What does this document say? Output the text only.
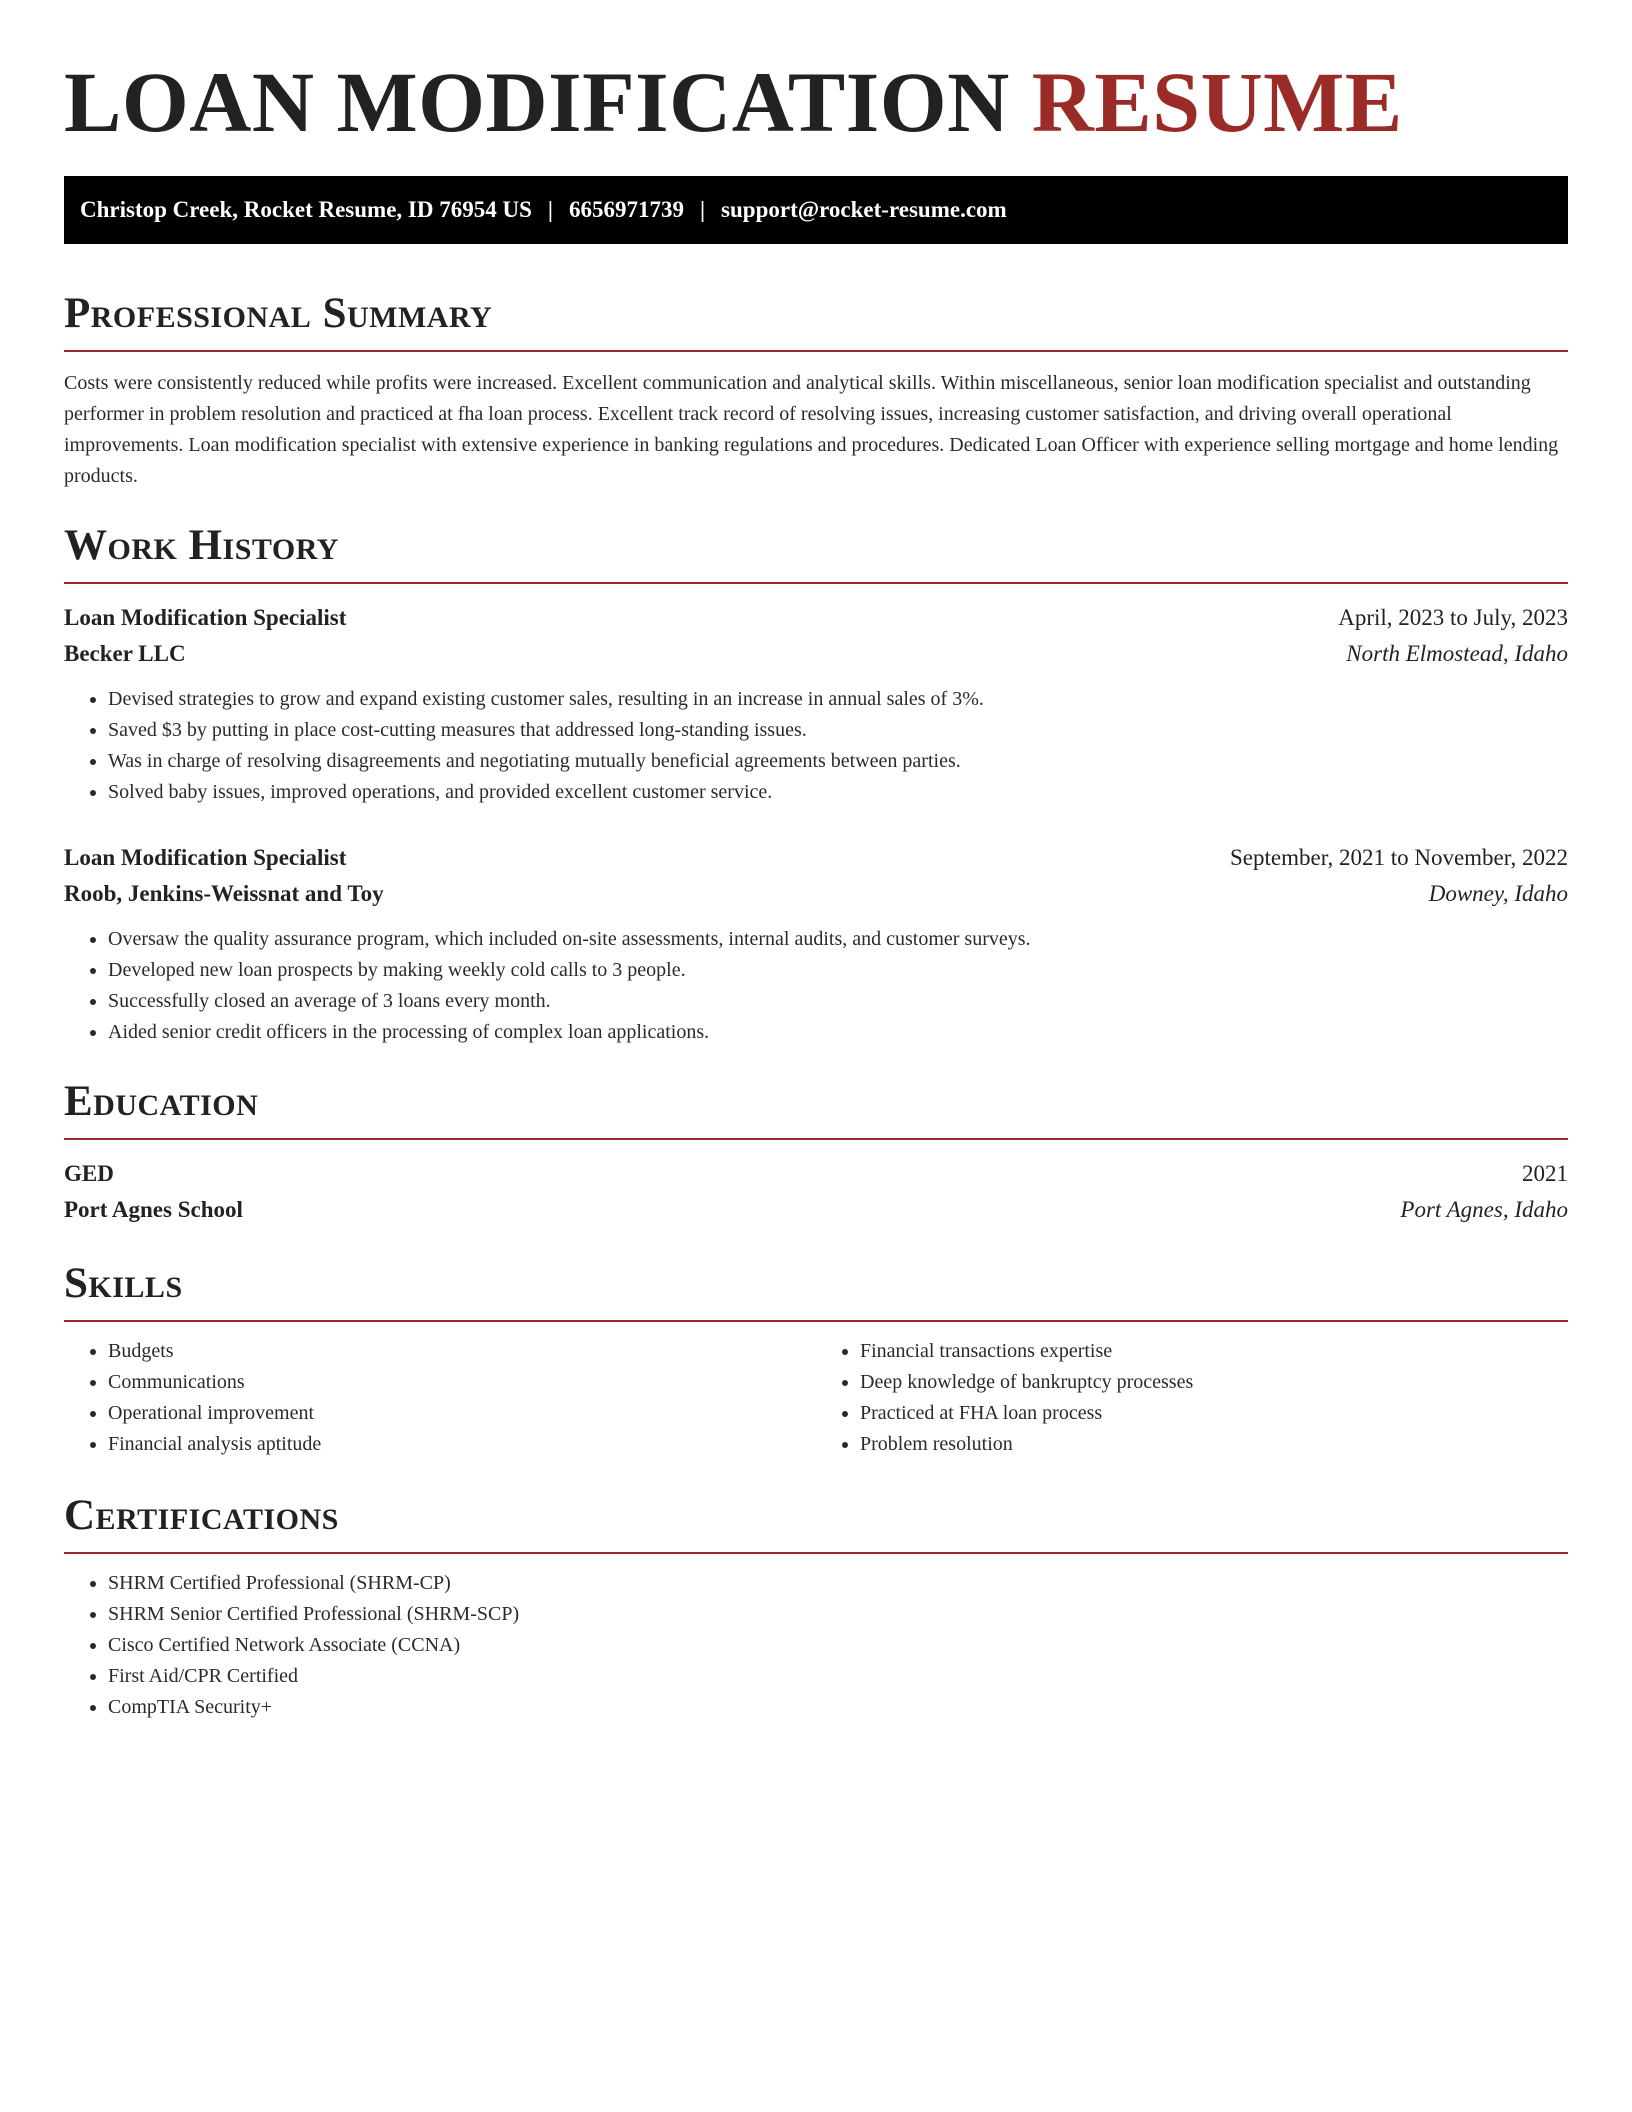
LOAN MODIFICATION RESUME
Christop Creek, Rocket Resume, ID 76954 US | 6656971739 | support@rocket-resume.com
Professional Summary

Costs were consistently reduced while profits were increased. Excellent communication and analytical skills. Within miscellaneous, senior loan modification specialist and outstanding performer in problem resolution and practiced at fha loan process. Excellent track record of resolving issues, increasing customer satisfaction, and driving overall operational improvements. Loan modification specialist with extensive experience in banking regulations and procedures. Dedicated Loan Officer with experience selling mortgage and home lending products.

Work History
Loan Modification Specialist	April, 2023 to July, 2023
Becker LLC	North Elmostead, Idaho
• Devised strategies to grow and expand existing customer sales, resulting in an increase in annual sales of 3%.
• Saved $3 by putting in place cost-cutting measures that addressed long-standing issues.
• Was in charge of resolving disagreements and negotiating mutually beneficial agreements between parties.
• Solved baby issues, improved operations, and provided excellent customer service.
Loan Modification Specialist	September, 2021 to November, 2022
Roob, Jenkins-Weissnat and Toy	Downey, Idaho
• Oversaw the quality assurance program, which included on-site assessments, internal audits, and customer surveys.
• Developed new loan prospects by making weekly cold calls to 3 people.
• Successfully closed an average of 3 loans every month.
• Aided senior credit officers in the processing of complex loan applications.
Education
GED	2021
Port Agnes School	Port Agnes, Idaho
Skills
• Budgets
• Communications
• Operational improvement
• Financial analysis aptitude
• Financial transactions expertise
• Deep knowledge of bankruptcy processes
• Practiced at FHA loan process
• Problem resolution
Certifications
• SHRM Certified Professional (SHRM-CP)
• SHRM Senior Certified Professional (SHRM-SCP)
• Cisco Certified Network Associate (CCNA)
• First Aid/CPR Certified
• CompTIA Security+
